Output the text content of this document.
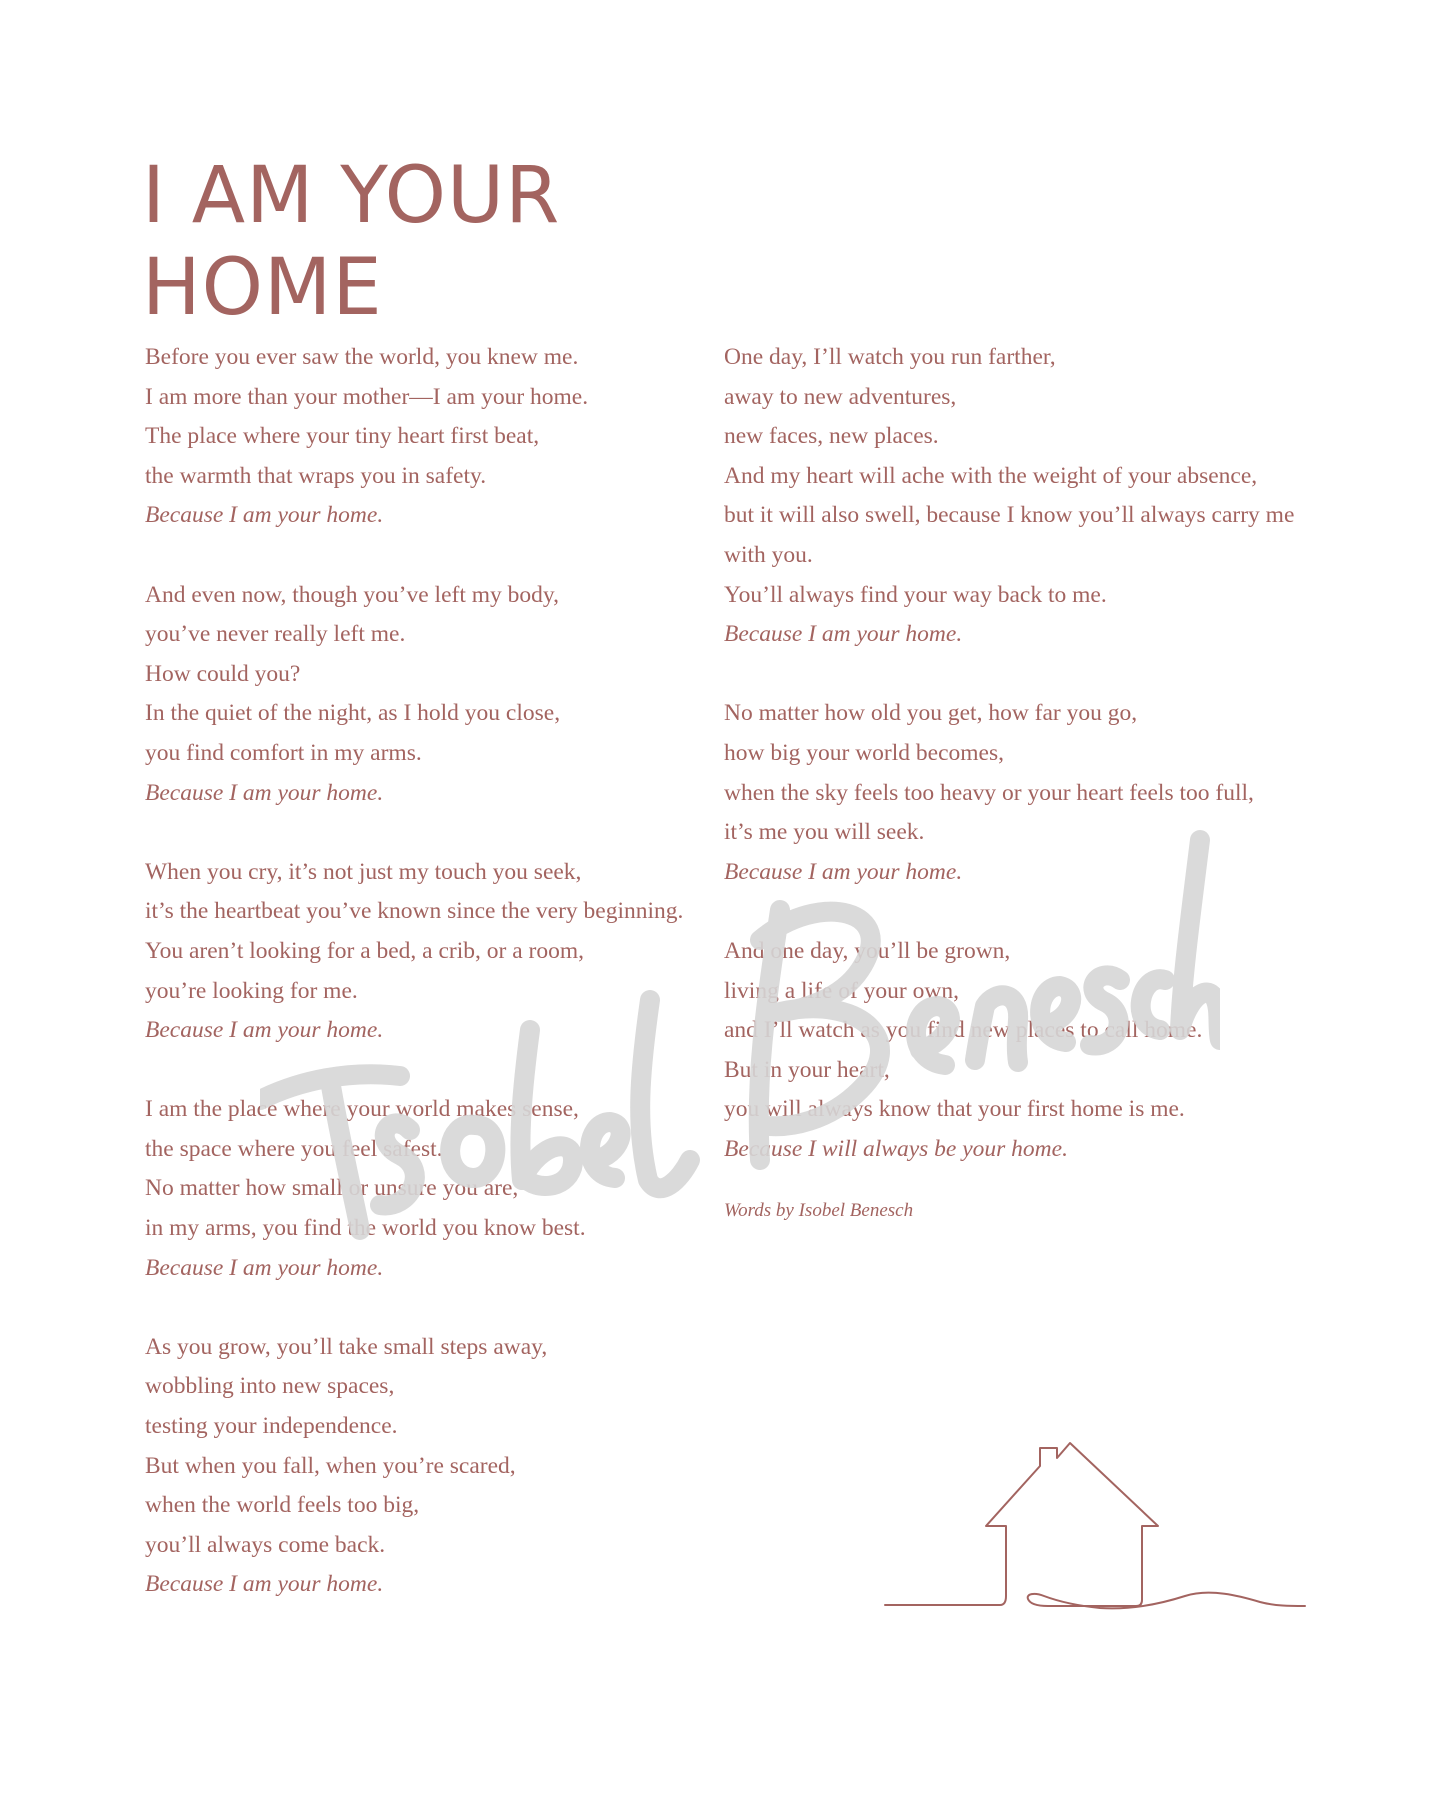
I AM YOUR HOME
Before you ever saw the world, you knew me.
I am more than your mother—I am your home.
The place where your tiny heart first beat,
the warmth that wraps you in safety.
Because I am your home.
And even now, though you’ve left my body,
you’ve never really left me.
How could you?
In the quiet of the night, as I hold you close,
you find comfort in my arms.
Because I am your home.
When you cry, it’s not just my touch you seek,
it’s the heartbeat you’ve known since the very beginning.
You aren’t looking for a bed, a crib, or a room,
you’re looking for me.
Because I am your home.
I am the place where your world makes sense,
the space where you feel safest.
No matter how small or unsure you are,
in my arms, you find the world you know best.
Because I am your home.
As you grow, you’ll take small steps away,
wobbling into new spaces,
testing your independence.
But when you fall, when you’re scared,
when the world feels too big,
you’ll always come back.
Because I am your home.
One day, I’ll watch you run farther,
away to new adventures,
new faces, new places.
And my heart will ache with the weight of your absence,
but it will also swell, because I know you’ll always carry me
with you.
You’ll always find your way back to me.
Because I am your home.
No matter how old you get, how far you go,
how big your world becomes,
when the sky feels too heavy or your heart feels too full,
it’s me you will seek.
Because I am your home.
And one day, you’ll be grown,
living a life of your own,
and I’ll watch as you find new places to call home.
But in your heart,
you will always know that your first home is me.
Because I will always be your home.
Words by Isobel Benesch
